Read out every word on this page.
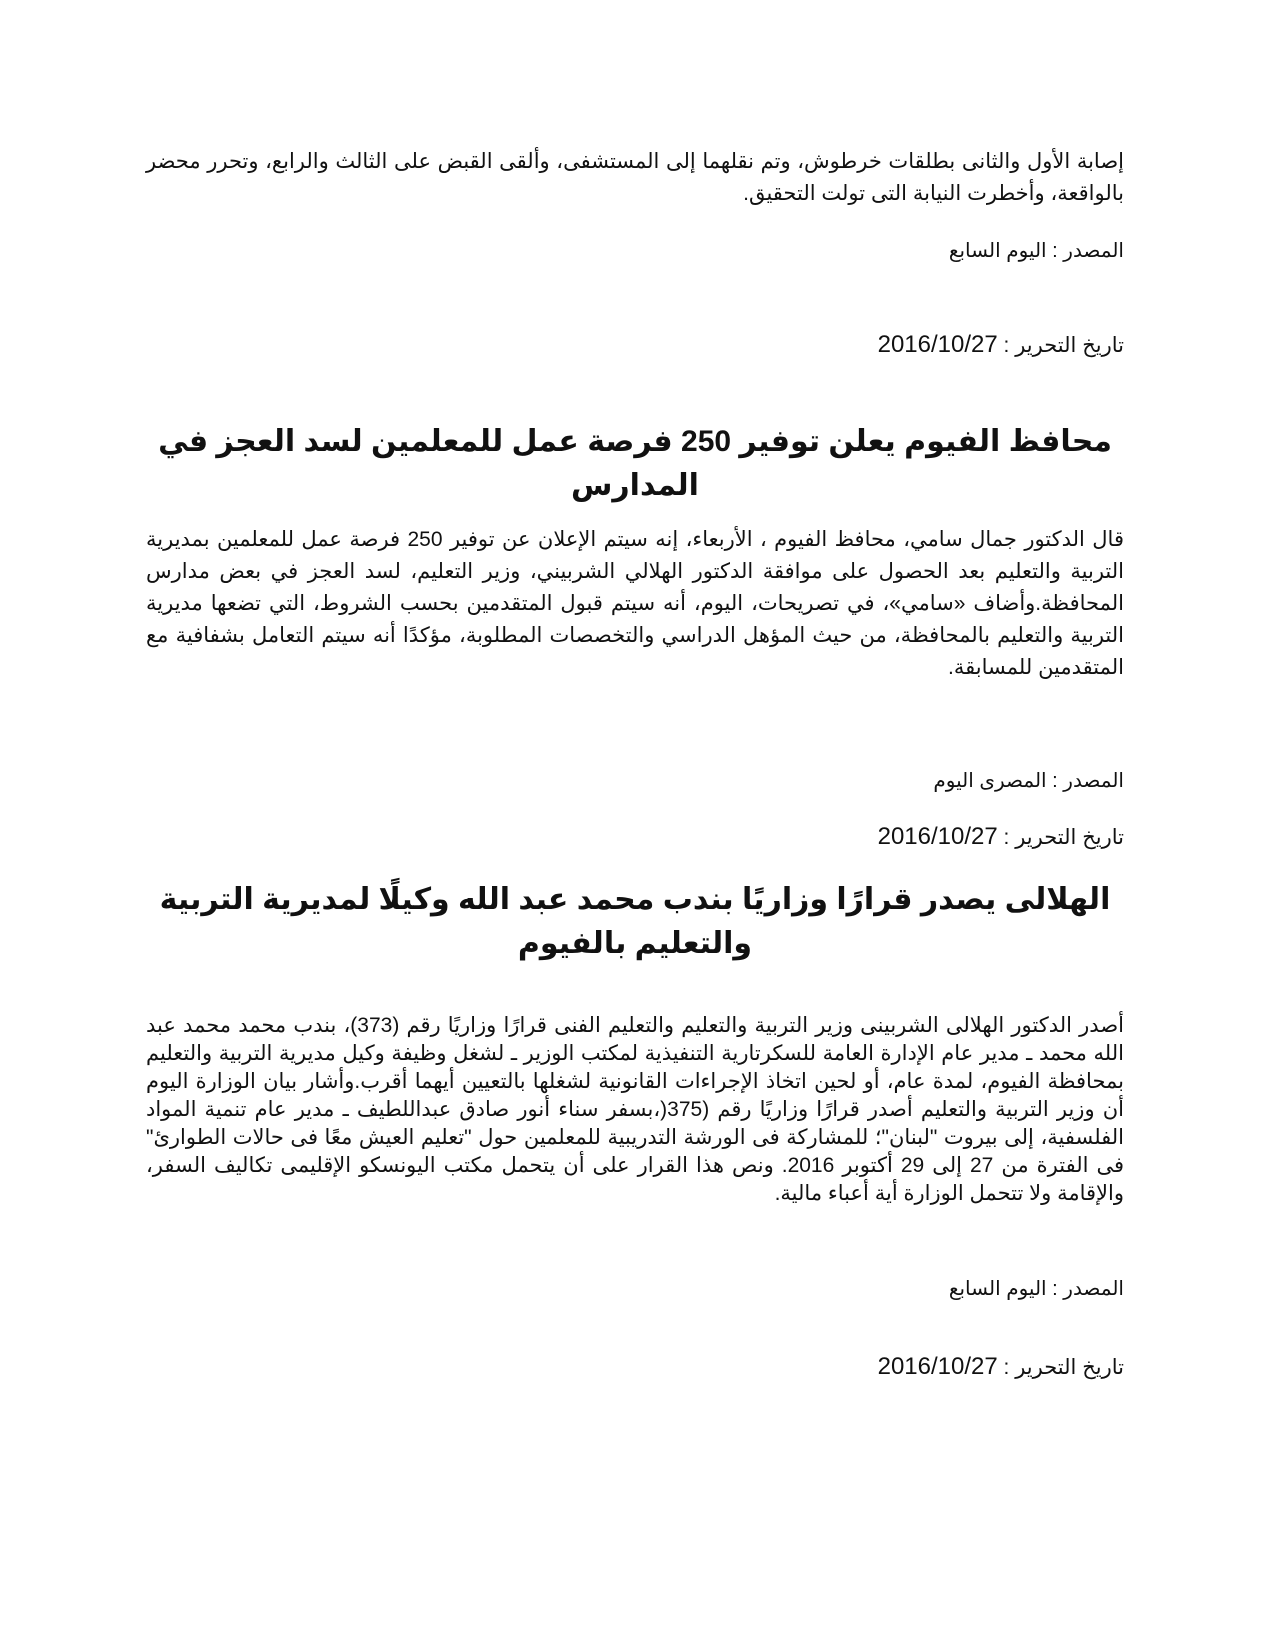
إصابة الأول والثانى بطلقات خرطوش، وتم نقلهما إلى المستشفى، وألقى القبض على الثالث والرابع، وتحرر محضر بالواقعة، وأخطرت النيابة التى تولت التحقيق.

المصدر : اليوم السابع
تاريخ التحرير : 2016/10/27
محافظ الفيوم يعلن توفير 250 فرصة عمل للمعلمين لسد العجز في المدارس

قال الدكتور جمال سامي، محافظ الفيوم ، الأربعاء، إنه سيتم الإعلان عن توفير 250 فرصة عمل للمعلمين بمديرية التربية والتعليم بعد الحصول على موافقة الدكتور الهلالي الشربيني، وزير التعليم، لسد العجز في بعض مدارس المحافظة.وأضاف «سامي»، في تصريحات، اليوم، أنه سيتم قبول المتقدمين بحسب الشروط، التي تضعها مديرية التربية والتعليم بالمحافظة، من حيث المؤهل الدراسي والتخصصات المطلوبة، مؤكدًا أنه سيتم التعامل بشفافية مع المتقدمين للمسابقة.

المصدر : المصرى اليوم
تاريخ التحرير : 2016/10/27
الهلالى يصدر قرارًا وزاريًا بندب محمد عبد الله وكيلًا لمديرية التربية والتعليم بالفيوم

أصدر الدكتور الهلالى الشربينى وزير التربية والتعليم والتعليم الفنى قرارًا وزاريًا رقم (373)، بندب محمد محمد عبد الله محمد ـ مدير عام الإدارة العامة للسكرتارية التنفيذية لمكتب الوزير ـ لشغل وظيفة وكيل مديرية التربية والتعليم بمحافظة الفيوم، لمدة عام، أو لحين اتخاذ الإجراءات القانونية لشغلها بالتعيين أيهما أقرب.وأشار بيان الوزارة اليوم أن وزير التربية والتعليم أصدر قرارًا وزاريًا رقم (375(،بسفر سناء أنور صادق عبداللطيف ـ مدير عام تنمية المواد الفلسفية، إلى بيروت "لبنان"؛ للمشاركة فى الورشة التدريبية للمعلمين حول "تعليم العيش معًا فى حالات الطوارئ" فى الفترة من 27 إلى 29 أكتوبر 2016. ونص هذا القرار على أن يتحمل مكتب اليونسكو الإقليمى تكاليف السفر، والإقامة ولا تتحمل الوزارة أية أعباء مالية.

المصدر : اليوم السابع
تاريخ التحرير : 2016/10/27
